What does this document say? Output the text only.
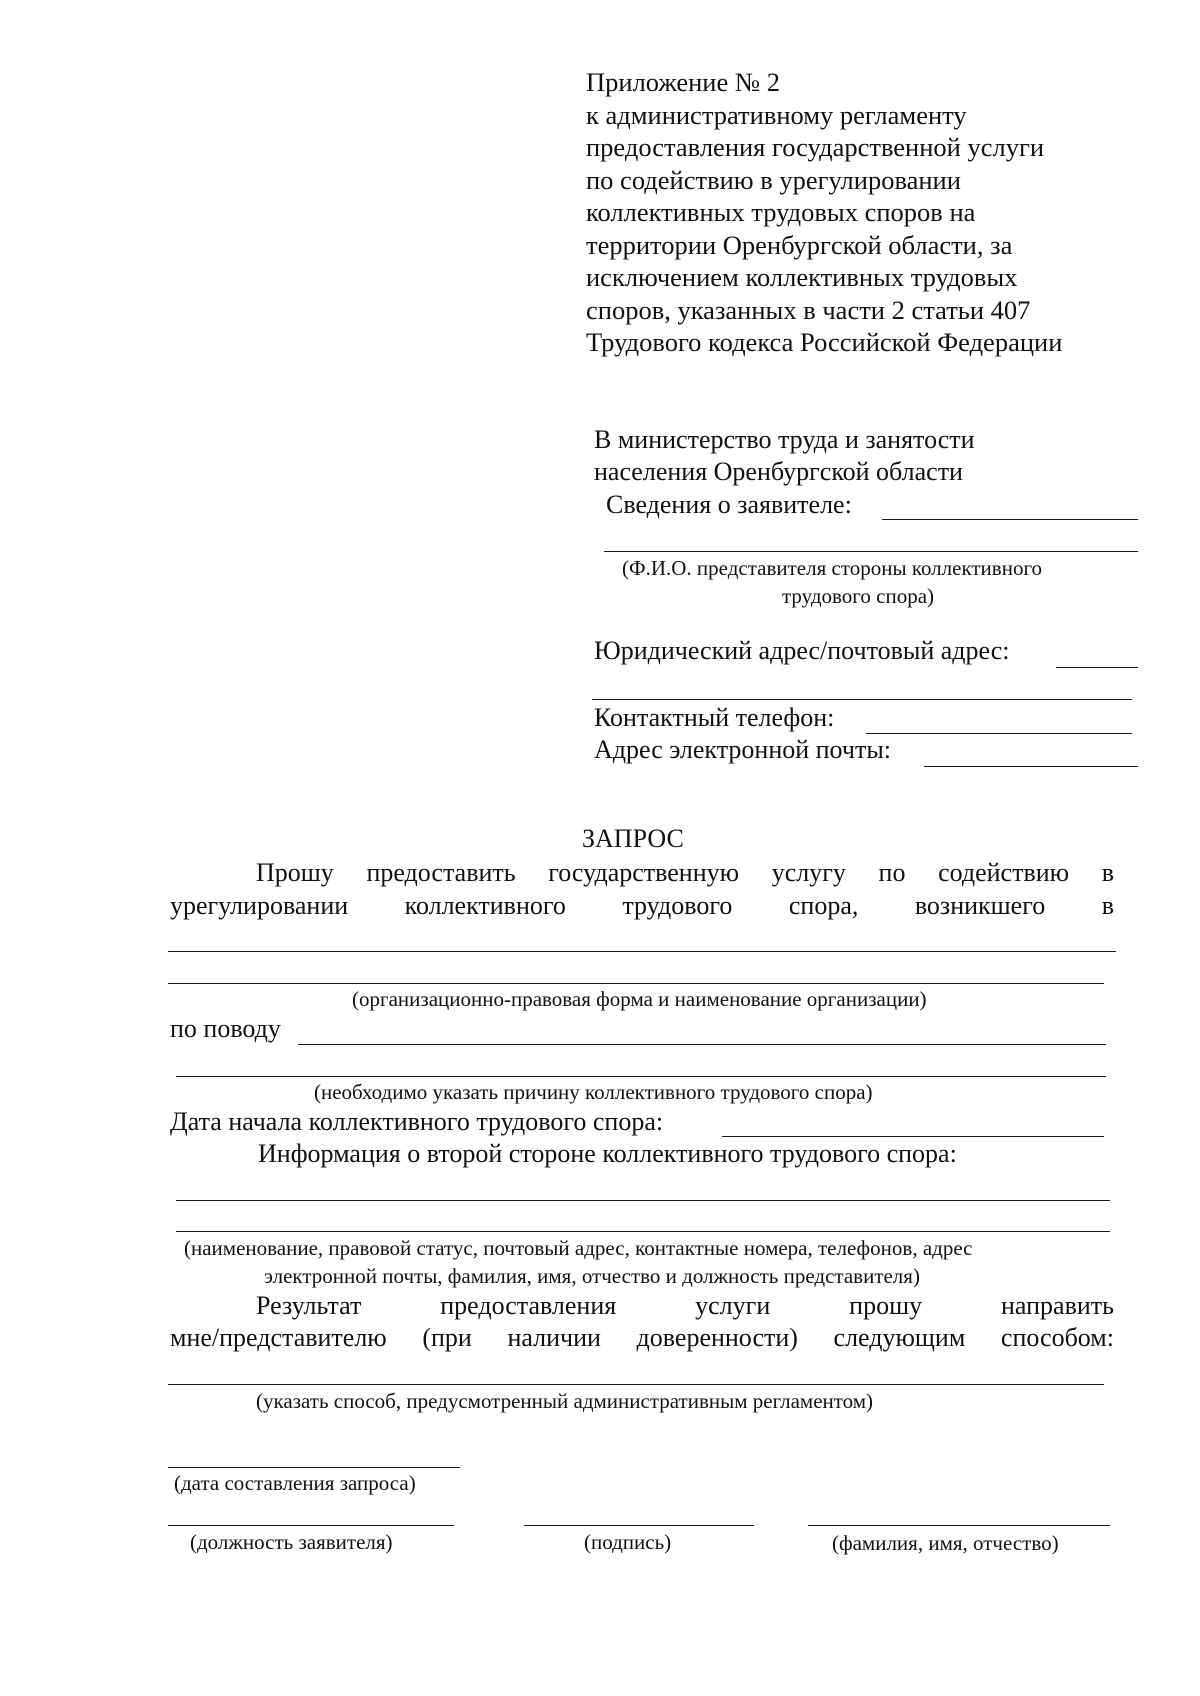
Приложение № 2
к административному регламенту
предоставления государственной услуги
по содействию в урегулировании
коллективных трудовых споров на
территории Оренбургской области, за
исключением коллективных трудовых
споров, указанных в части 2 статьи 407
Трудового кодекса Российской Федерации
В министерство труда и занятости
населения Оренбургской области
Сведения о заявителе:
(Ф.И.О. представителя стороны коллективного
трудового спора)
Юридический адрес/почтовый адрес:
Контактный телефон:
Адрес электронной почты:
ЗАПРОС
Прошу предоставить государственную услугу по содействию в
урегулировании коллективного трудового спора, возникшего в
(организационно-правовая форма и наименование организации)
по поводу
(необходимо указать причину коллективного трудового спора)
Дата начала коллективного трудового спора:
Информация о второй стороне коллективного трудового спора:
(наименование, правовой статус, почтовый адрес, контактные номера, телефонов, адрес
электронной почты, фамилия, имя, отчество и должность представителя)
Результат	предоставления	услуги	прошу	направить
мне/представителю (при наличии доверенности) следующим способом:
(указать способ, предусмотренный административным регламентом)
(дата составления запроса)
(должность заявителя)	(подпись)	(фамилия, имя, отчество)
